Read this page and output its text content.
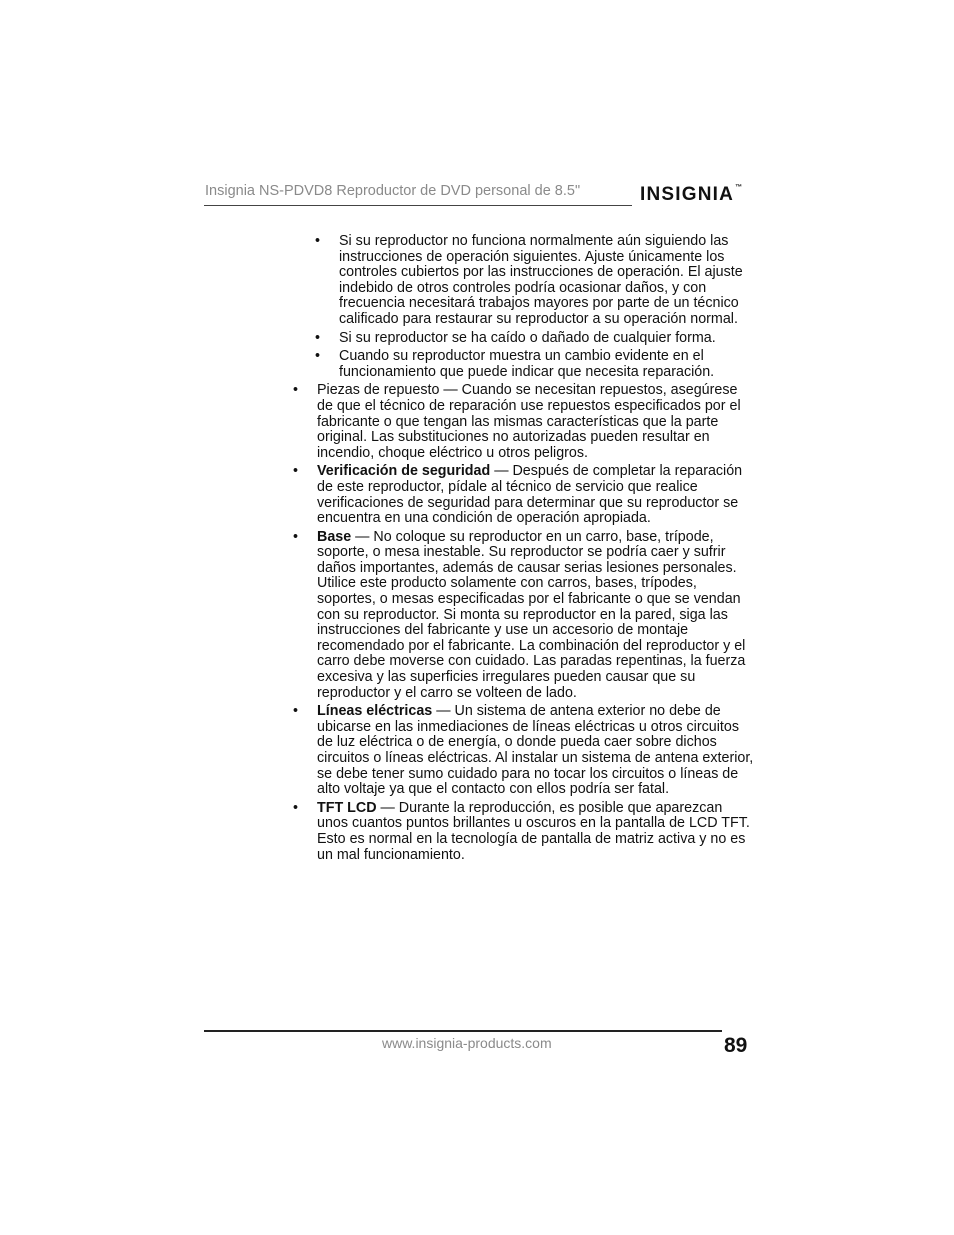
Insignia NS-PDVD8 Reproductor de DVD personal de 8.5"	INSIGNIA™
• Si su reproductor no funciona normalmente aún siguiendo las instrucciones de operación siguientes. Ajuste únicamente los controles cubiertos por las instrucciones de operación. El ajuste indebido de otros controles podría ocasionar daños, y con frecuencia necesitará trabajos mayores por parte de un técnico calificado para restaurar su reproductor a su operación normal.
• Si su reproductor se ha caído o dañado de cualquier forma.
• Cuando su reproductor muestra un cambio evidente en el funcionamiento que puede indicar que necesita reparación.
• Piezas de repuesto — Cuando se necesitan repuestos, asegúrese de que el técnico de reparación use repuestos especificados por el fabricante o que tengan las mismas características que la parte original. Las substituciones no autorizadas pueden resultar en incendio, choque eléctrico u otros peligros.
• Verificación de seguridad — Después de completar la reparación de este reproductor, pídale al técnico de servicio que realice verificaciones de seguridad para determinar que su reproductor se encuentra en una condición de operación apropiada.
• Base — No coloque su reproductor en un carro, base, trípode, soporte, o mesa inestable. Su reproductor se podría caer y sufrir daños importantes, además de causar serias lesiones personales. Utilice este producto solamente con carros, bases, trípodes, soportes, o mesas especificadas por el fabricante o que se vendan con su reproductor. Si monta su reproductor en la pared, siga las instrucciones del fabricante y use un accesorio de montaje recomendado por el fabricante. La combinación del reproductor y el carro debe moverse con cuidado. Las paradas repentinas, la fuerza excesiva y las superficies irregulares pueden causar que su reproductor y el carro se volteen de lado.
• Líneas eléctricas — Un sistema de antena exterior no debe de ubicarse en las inmediaciones de líneas eléctricas u otros circuitos de luz eléctrica o de energía, o donde pueda caer sobre dichos circuitos o líneas eléctricas. Al instalar un sistema de antena exterior, se debe tener sumo cuidado para no tocar los circuitos o líneas de alto voltaje ya que el contacto con ellos podría ser fatal.
• TFT LCD — Durante la reproducción, es posible que aparezcan unos cuantos puntos brillantes u oscuros en la pantalla de LCD TFT. Esto es normal en la tecnología de pantalla de matriz activa y no es un mal funcionamiento.
www.insignia-products.com	89
